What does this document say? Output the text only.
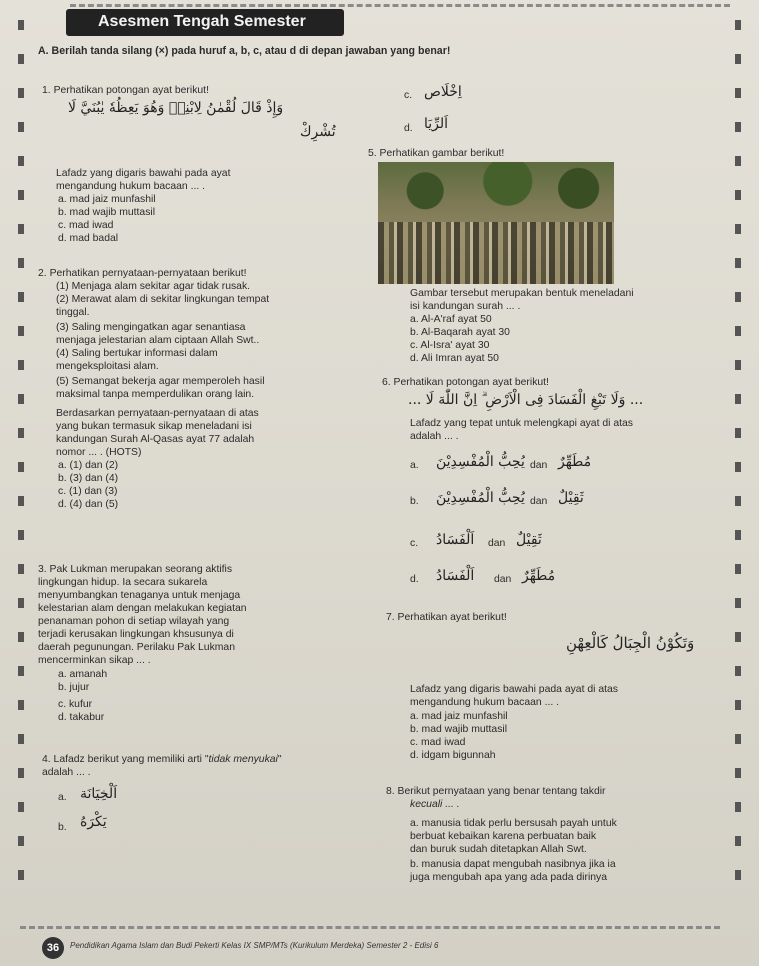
Asesmen Tengah Semester
A. Berilah tanda silang (×) pada huruf a, b, c, atau d di depan jawaban yang benar!
1. Perhatikan potongan ayat berikut!
وَإِذْ قَالَ لُقْمٰنُ لِابْنِهٖ وَهُوَ يَعِظُهٗ يٰبُنَيَّ لَا
تُشْرِكْ
Lafadz yang digaris bawahi pada ayat
mengandung hukum bacaan ... .
a. mad jaiz munfashil
b. mad wajib muttasil
c. mad iwad
d. mad badal
c. اِخْلَاص
d. اَلرِّيَا
5. Perhatikan gambar berikut!
Gambar tersebut merupakan bentuk meneladani
isi kandungan surah ... .
a. Al-A'raf ayat 50
b. Al-Baqarah ayat 30
c. Al-Isra' ayat 30
d. Ali Imran ayat 50
2. Perhatikan pernyataan-pernyataan berikut!
(1) Menjaga alam sekitar agar tidak rusak.
(2) Merawat alam di sekitar lingkungan tempat
tinggal.
(3) Saling mengingatkan agar senantiasa
menjaga jelestarian alam ciptaan Allah Swt..
(4) Saling bertukar informasi dalam
mengeksploitasi alam.
(5) Semangat bekerja agar memperoleh hasil
maksimal tanpa memperdulikan orang lain.
Berdasarkan pernyataan-pernyataan di atas
yang bukan termasuk sikap meneladani isi
kandungan Surah Al-Qasas ayat 77 adalah
nomor ... . (HOTS)
a. (1) dan (2)
b. (3) dan (4)
c. (1) dan (3)
d. (4) dan (5)
6. Perhatikan potongan ayat berikut!
... وَلَا تَبْغِ الْفَسَادَ فِى الْاَرْضِ ۗ اِنَّ اللّٰهَ لَا ...
Lafadz yang tepat untuk melengkapi ayat di atas
adalah ... .
a. يُحِبُّ الْمُفْسِدِيْنَ dan مُطَهِّرٌ
b. يُحِبُّ الْمُفْسِدِيْنَ dan ثَقِيْلٌ
c. اَلْفَسَادُ dan ثَقِيْلٌ
d. اَلْفَسَادُ dan مُطَهِّرٌ
3. Pak Lukman merupakan seorang aktifis
lingkungan hidup. Ia secara sukarela
menyumbangkan tenaganya untuk menjaga
kelestarian alam dengan melakukan kegiatan
penanaman pohon di setiap wilayah yang
terjadi kerusakan lingkungan khsusunya di
daerah pegunungan. Perilaku Pak Lukman
mencerminkan sikap ... .
a. amanah
b. jujur
c. kufur
d. takabur
7. Perhatikan ayat berikut!
وَتَكُوْنُ الْجِبَالُ كَالْعِهْنِ
Lafadz yang digaris bawahi pada ayat di atas
mengandung hukum bacaan ... .
a. mad jaiz munfashil
b. mad wajib muttasil
c. mad iwad
d. idgam bigunnah
4. Lafadz berikut yang memiliki arti "tidak menyukai"
adalah ... .
a. اَلْخِيَانَة
b. يَكْرَهُ
8. Berikut pernyataan yang benar tentang takdir
kecuali ... .
a. manusia tidak perlu bersusah payah untuk
berbuat kebaikan karena perbuatan baik
dan buruk sudah ditetapkan Allah Swt.
b. manusia dapat mengubah nasibnya jika ia
juga mengubah apa yang ada pada dirinya
36	Pendidikan Agama Islam dan Budi Pekerti Kelas IX SMP/MTs (Kurikulum Merdeka) Semester 2 - Edisi 6
